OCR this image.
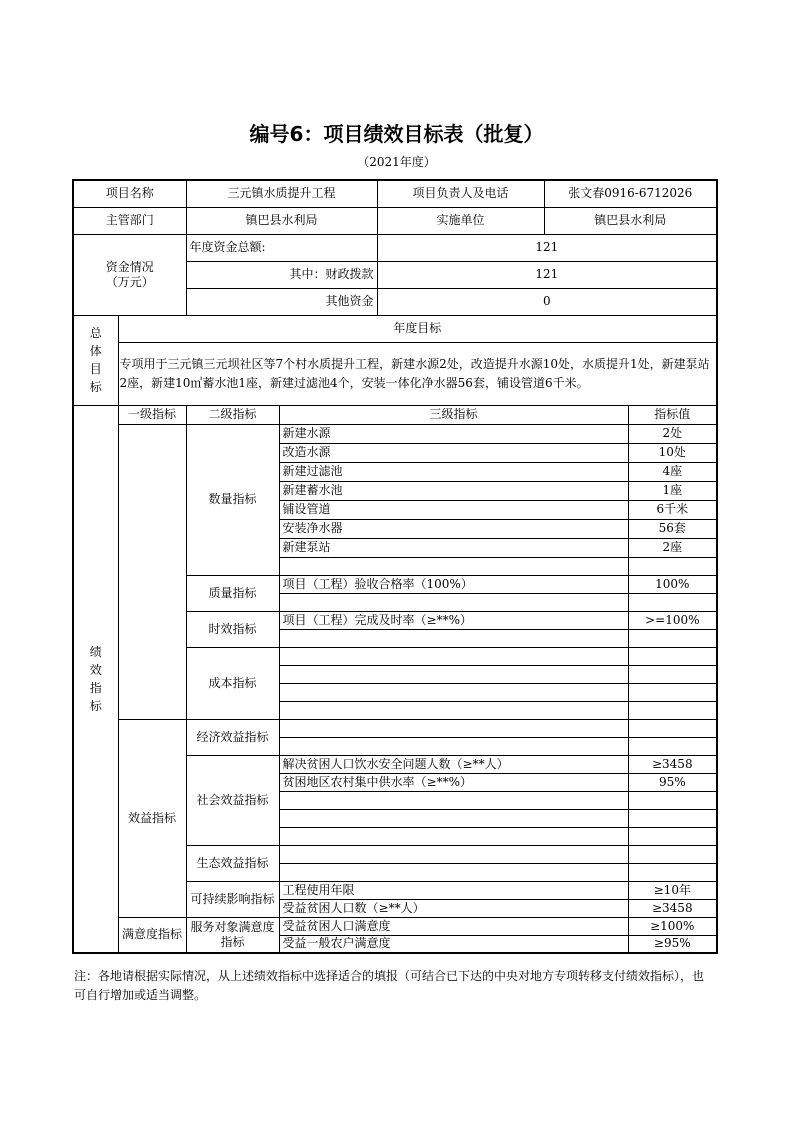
编号6：项目绩效目标表（批复）
（2021年度）
项目名称		三元镇水质提升工程		项目负责人及电话	张文春0916-6712026	
主管部门		镇巴县水利局		实施单位	镇巴县水利局	

资金情况
（万元）		年度资金总额:		121		
		其中：财政拨款		121		
		其他资金		0		

总体目标	年度目标					
	专项用于三元镇三元坝社区等7个村水质提升工程，新建水源2处，改造提升水源10处，水质提升1处，新建泵站2座，新建10㎥蓄水池1座，新建过滤池4个，安装一体化净水器56套，铺设管道6千米。					

绩效指标	一级指标	二级指标	三级指标			指标值
		数量指标	新建水源			2处
			改造水源			10处
			新建过滤池			4座
			新建蓄水池			1座
			铺设管道			6千米
			安装净水器			56套
			新建泵站			2座

		质量指标	项目（工程）验收合格率（100%）			100%

		时效指标	项目（工程）完成及时率（≥**%）			>=100%

		成本指标				

	效益指标	经济效益指标				

		社会效益指标	解决贫困人口饮水安全问题人数（≥**人）			≥3458
			贫困地区农村集中供水率（≥**%）			95%

		生态效益指标				

		可持续影响指标	工程使用年限			≥10年
			受益贫困人口数（≥**人）			≥3458
	满意度指标	服务对象满意度指标	受益贫困人口满意度			≥100%
			受益一般农户满意度			≥95%
注：各地请根据实际情况，从上述绩效指标中选择适合的填报（可结合已下达的中央对地方专项转移支付绩效指标），也可自行增加或适当调整。
